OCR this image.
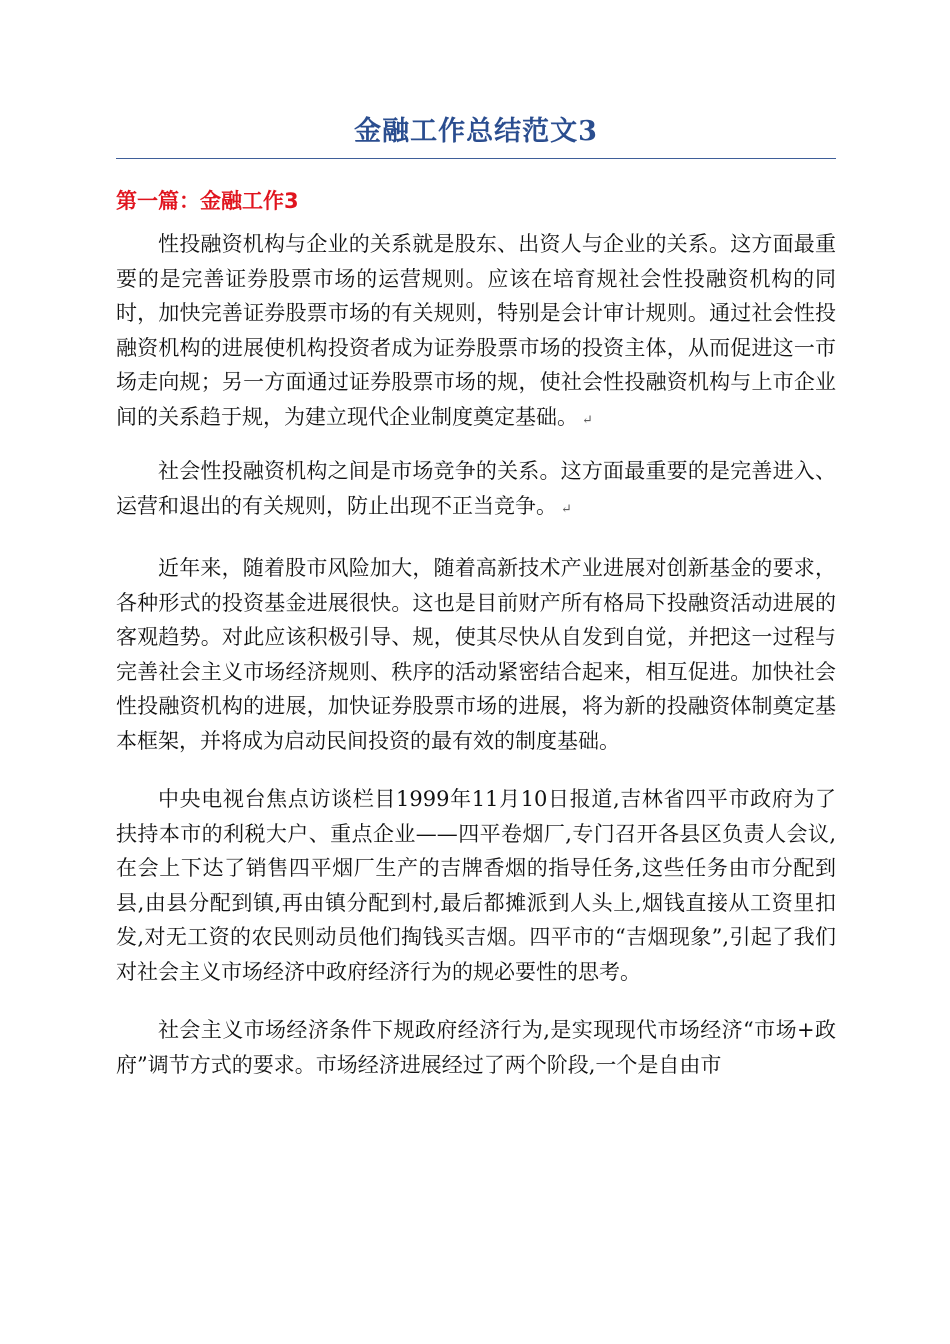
金融工作总结范文3
第一篇：金融工作3

性投融资机构与企业的关系就是股东、出资人与企业的关系。这方面最重要的是完善证券股票市场的运营规则。应该在培育规社会性投融资机构的同时，加快完善证券股票市场的有关规则，特别是会计审计规则。通过社会性投融资机构的进展使机构投资者成为证券股票市场的投资主体，从而促进这一市场走向规；另一方面通过证券股票市场的规，使社会性投融资机构与上市企业间的关系趋于规，为建立现代企业制度奠定基础。 ↵

社会性投融资机构之间是市场竞争的关系。这方面最重要的是完善进入、运营和退出的有关规则，防止出现不正当竞争。 ↵

近年来，随着股市风险加大，随着高新技术产业进展对创新基金的要求，各种形式的投资基金进展很快。这也是目前财产所有格局下投融资活动进展的客观趋势。对此应该积极引导、规，使其尽快从自发到自觉，并把这一过程与完善社会主义市场经济规则、秩序的活动紧密结合起来，相互促进。加快社会性投融资机构的进展，加快证券股票市场的进展，将为新的投融资体制奠定基本框架，并将成为启动民间投资的最有效的制度基础。

中央电视台焦点访谈栏目1999年11月10日报道,吉林省四平市政府为了扶持本市的利税大户、重点企业——四平卷烟厂,专门召开各县区负责人会议,在会上下达了销售四平烟厂生产的吉牌香烟的指导任务,这些任务由市分配到县,由县分配到镇,再由镇分配到村,最后都摊派到人头上,烟钱直接从工资里扣发,对无工资的农民则动员他们掏钱买吉烟。四平市的“吉烟现象”,引起了我们对社会主义市场经济中政府经济行为的规必要性的思考。

社会主义市场经济条件下规政府经济行为,是实现现代市场经济“市场+政府”调节方式的要求。市场经济进展经过了两个阶段,一个是自由市
